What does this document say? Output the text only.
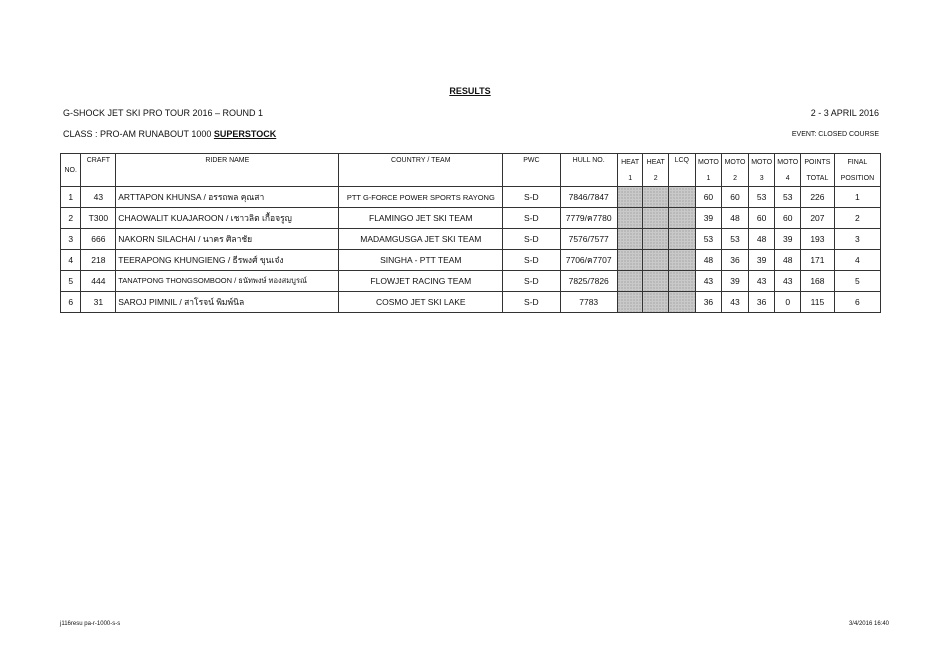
RESULTS
G-SHOCK JET SKI PRO TOUR 2016 – ROUND 1	2 - 3 APRIL 2016
CLASS : PRO-AM RUNABOUT 1000 SUPERSTOCK	EVENT: CLOSED COURSE
NO.	CRAFT	RIDER NAME	COUNTRY / TEAM	PWC	HULL NO.	HEAT	HEAT	LCQ	MOTO	MOTO	MOTO	MOTO	POINTS	FINAL
						1	2		1	2	3	4	TOTAL	POSITION
1	43	ARTTAPON KHUNSA / อรรถพล คุณสา	PTT G-FORCE POWER SPORTS RAYONG	S-D	7846/7847				60	60	53	53	226	1
2	T300	CHAOWALIT KUAJAROON / เชาวลิต เกื้อจรูญ	FLAMINGO JET SKI TEAM	S-D	7779/ค7780				39	48	60	60	207	2
3	666	NAKORN SILACHAI / นาคร ศิลาชัย	MADAMGUSGA JET SKI TEAM	S-D	7576/7577				53	53	48	39	193	3
4	218	TEERAPONG KHUNGIENG / ธีรพงศ์ ขุนเจ๋ง	SINGHA - PTT TEAM	S-D	7706/ค7707				48	36	39	48	171	4
5	444	TANATPONG THONGSOMBOON / ธนัทพงษ์ ทองสมบูรณ์	FLOWJET RACING TEAM	S-D	7825/7826				43	39	43	43	168	5
6	31	SAROJ PIMNIL / สาโรจน์ พิมพ์นิล	COSMO JET SKI LAKE	S-D	7783				36	43	36	0	115	6
j116resu pa-r-1000-s-s	3/4/2016 16:40
